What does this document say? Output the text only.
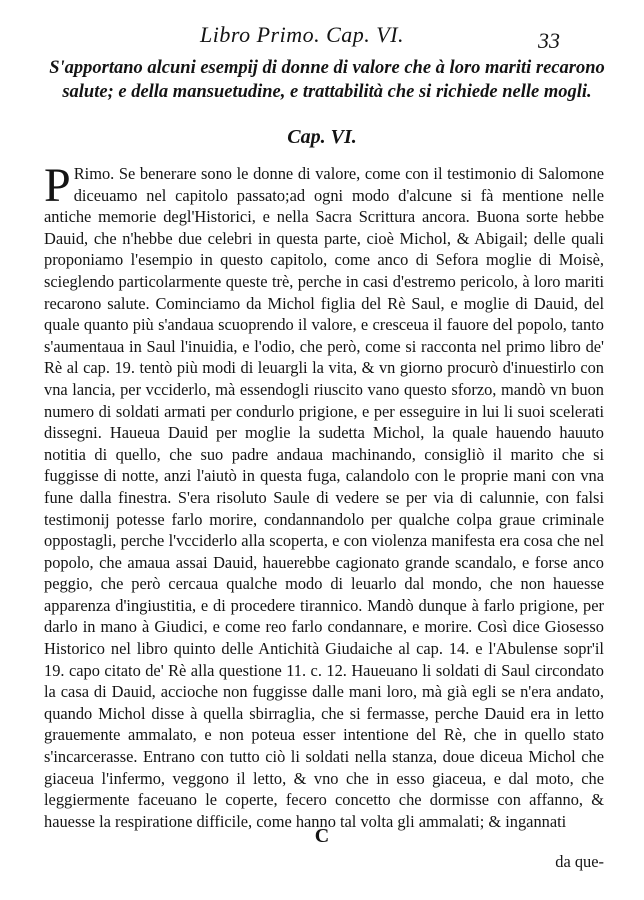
Libro Primo. Cap. VI.	33
S'apportano alcuni esempij di donne di valore che à loro mariti recarono salute; e della mansuetudine, e trattabilità che si richiede nelle mogli.
Cap. VI.

P Rimo. Se benerare sono le donne di valore, come con il testimonio di Salomone diceuamo nel capitolo passato;ad ogni modo d'alcune si fà mentione nelle antiche memorie degl'Historici, e nella Sacra Scrittura ancora. Buona sorte hebbe Dauid, che n'hebbe due celebri in questa parte, cioè Michol, & Abigail; delle quali proponiamo l'esempio in questo capitolo, come anco di Sefora moglie di Moisè, scieglendo particolarmente queste trè, perche in casi d'estremo pericolo, à loro mariti recarono salute. Cominciamo da Michol figlia del Rè Saul, e moglie di Dauid, del quale quanto più s'andaua scuoprendo il valore, e cresceua il fauore del popolo, tanto s'aumentaua in Saul l'inuidia, e l'odio, che però, come si racconta nel primo libro de' Rè al cap. 19. tentò più modi di leuargli la vita, & vn giorno procurò d'inuestirlo con vna lancia, per vcciderlo, mà essendogli riuscito vano questo sforzo, mandò vn buon numero di soldati armati per condurlo prigione, e per esseguire in lui li suoi scelerati dissegni. Haueua Dauid per moglie la sudetta Michol, la quale hauendo hauuto notitia di quello, che suo padre andaua machinando, consigliò il marito che si fuggisse di notte, anzi l'aiutò in questa fuga, calandolo con le proprie mani con vna fune dalla finestra. S'era risoluto Saule di vedere se per via di calunnie, con falsi testimonij potesse farlo morire, condannandolo per qualche colpa graue criminale oppostagli, perche l'vcciderlo alla scoperta, e con violenza manifesta era cosa che nel popolo, che amaua assai Dauid, hauerebbe cagionato grande scandalo, e forse anco peggio, che però cercaua qualche modo di leuarlo dal mondo, che non hauesse apparenza d'ingiustitia, e di procedere tirannico. Mandò dunque à farlo prigione, per darlo in mano à Giudici, e come reo farlo condannare, e morire. Così dice Giosesso Historico nel libro quinto delle Antichità Giudaiche al cap. 14. e l'Abulense sopr'il 19. capo citato de' Rè alla questione 11. c. 12. Haueuano li soldati di Saul circondato la casa di Dauid, accioche non fuggisse dalle mani loro, mà già egli se n'era andato, quando Michol disse à quella sbirraglia, che si fermasse, perche Dauid era in letto grauemente ammalato, e non poteua esser intentione del Rè, che in quello stato s'incarcerasse. Entrano con tutto ciò li soldati nella stanza, doue diceua Michol che giaceua l'infermo, veggono il letto, & vno che in esso giaceua, e dal moto, che leggiermente faceuano le coperte, fecero concetto che dormisse con affanno, & hauesse la respiratione difficile, come hanno tal volta gli ammalati; & ingannati

C
da que-
